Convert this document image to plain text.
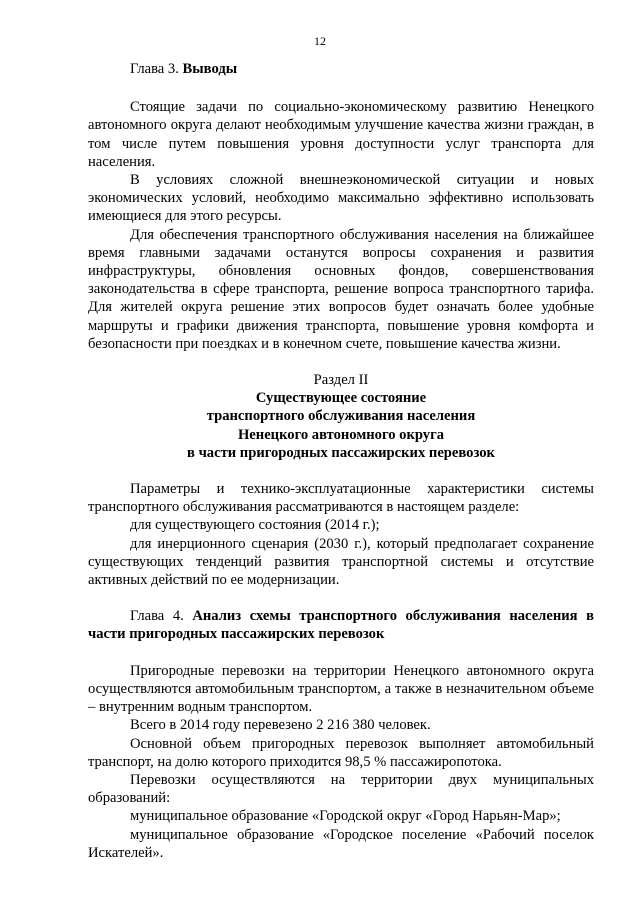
12

Глава 3. Выводы

Стоящие задачи по социально-экономическому развитию Ненецкого автономного округа делают необходимым улучшение качества жизни граждан, в том числе путем повышения уровня доступности услуг транспорта для населения.

В условиях сложной внешнеэкономической ситуации и новых экономических условий, необходимо максимально эффективно использовать имеющиеся для этого ресурсы.

Для обеспечения транспортного обслуживания населения на ближайшее время главными задачами останутся вопросы сохранения и развития инфраструктуры, обновления основных фондов, совершенствования законодательства в сфере транспорта, решение вопроса транспортного тарифа. Для жителей округа решение этих вопросов будет означать более удобные маршруты и графики движения транспорта, повышение уровня комфорта и безопасности при поездках и в конечном счете, повышение качества жизни.

Раздел II

Существующее состояние

транспортного обслуживания населения

Ненецкого автономного округа

в части пригородных пассажирских перевозок

Параметры и технико-эксплуатационные характеристики системы транспортного обслуживания рассматриваются в настоящем разделе:

для существующего состояния (2014 г.);

для инерционного сценария (2030 г.), который предполагает сохранение существующих тенденций развития транспортной системы и отсутствие активных действий по ее модернизации.

Глава 4. Анализ схемы транспортного обслуживания населения в части пригородных пассажирских перевозок

Пригородные перевозки на территории Ненецкого автономного округа осуществляются автомобильным транспортом, а также в незначительном объеме – внутренним водным транспортом.

Всего в 2014 году перевезено 2 216 380 человек.

Основной объем пригородных перевозок выполняет автомобильный транспорт, на долю которого приходится 98,5 % пассажиропотока.

Перевозки осуществляются на территории двух муниципальных образований:

муниципальное образование «Городской округ «Город Нарьян-Мар»;

муниципальное образование «Городское поселение «Рабочий поселок Искателей».
